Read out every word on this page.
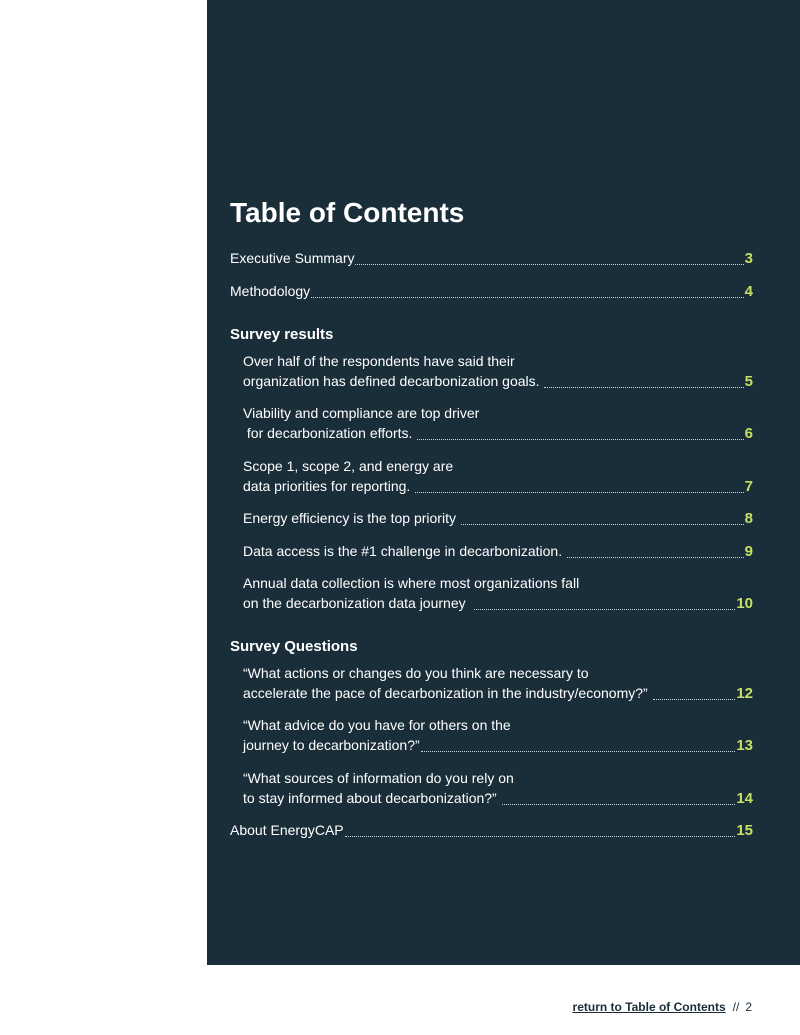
Table of Contents
Executive Summary	3
Methodology	4
Survey results
Over half of the respondents have said their
organization has defined decarbonization goals.	5
Viability and compliance are top driver
for decarbonization efforts.	6
Scope 1, scope 2, and energy are
data priorities for reporting.	7
Energy efficiency is the top priority	8
Data access is the #1 challenge in decarbonization.	9
Annual data collection is where most organizations fall
on the decarbonization data journey	10
Survey Questions
“What actions or changes do you think are necessary to
accelerate the pace of decarbonization in the industry/economy?”	12
“What advice do you have for others on the
journey to decarbonization?”	13
“What sources of information do you rely on
to stay informed about decarbonization?”	14
About EnergyCAP	15
return to Table of Contents // 2
